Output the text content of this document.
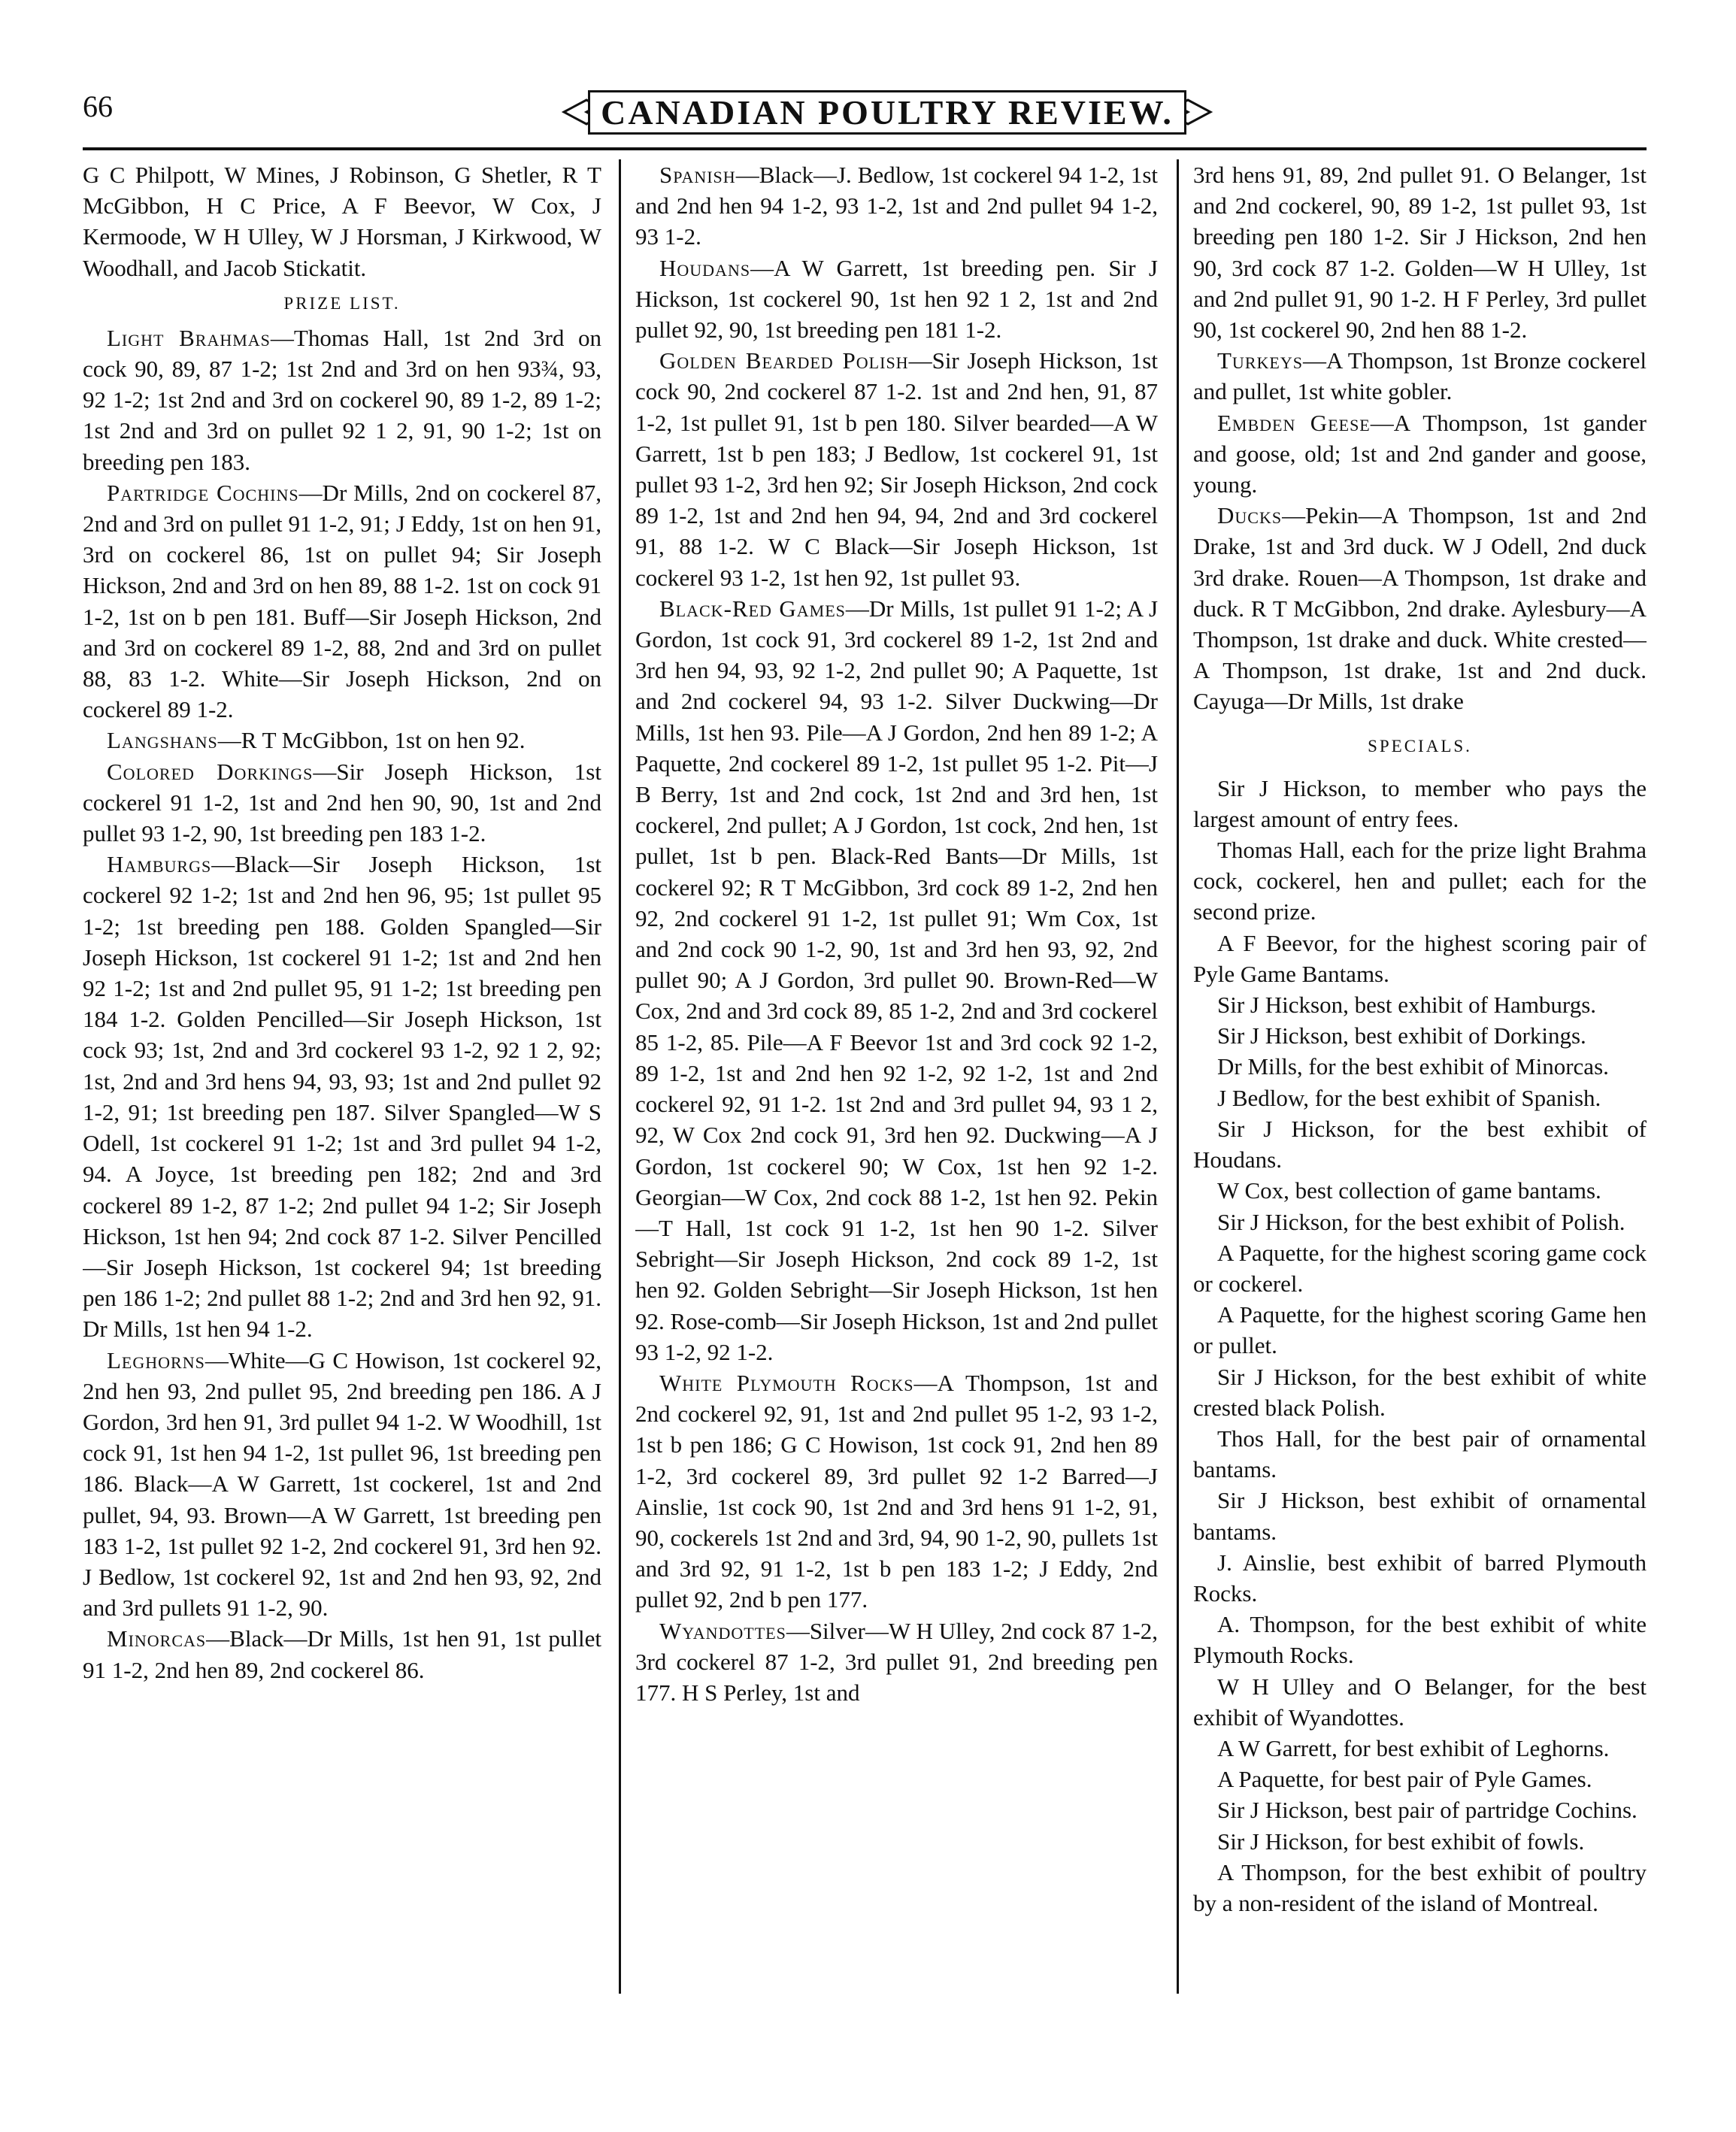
66	CANADIAN POULTRY REVIEW.

G C Philpott, W Mines, J Robinson, G Shetler, R T McGibbon, H C Price, A F Beevor, W Cox, J Kermoode, W H Ulley, W J Horsman, J Kirkwood, W Woodhall, and Jacob Stickatit.

PRIZE LIST.

Light Brahmas—Thomas Hall, 1st 2nd 3rd on cock 90, 89, 87 1-2; 1st 2nd and 3rd on hen 93¾, 93, 92 1-2; 1st 2nd and 3rd on cockerel 90, 89 1-2, 89 1-2; 1st 2nd and 3rd on pullet 92 1 2, 91, 90 1-2; 1st on breeding pen 183.

Partridge Cochins—Dr Mills, 2nd on cockerel 87, 2nd and 3rd on pullet 91 1-2, 91; J Eddy, 1st on hen 91, 3rd on cockerel 86, 1st on pullet 94; Sir Joseph Hickson, 2nd and 3rd on hen 89, 88 1-2. 1st on cock 91 1-2, 1st on b pen 181. Buff—Sir Joseph Hickson, 2nd and 3rd on cockerel 89 1-2, 88, 2nd and 3rd on pullet 88, 83 1-2. White—Sir Joseph Hickson, 2nd on cockerel 89 1-2.

Langshans—R T McGibbon, 1st on hen 92.

Colored Dorkings—Sir Joseph Hickson, 1st cockerel 91 1-2, 1st and 2nd hen 90, 90, 1st and 2nd pullet 93 1-2, 90, 1st breeding pen 183 1-2.

Hamburgs—Black—Sir Joseph Hickson, 1st cockerel 92 1-2; 1st and 2nd hen 96, 95; 1st pullet 95 1-2; 1st breeding pen 188. Golden Spangled—Sir Joseph Hickson, 1st cockerel 91 1-2; 1st and 2nd hen 92 1-2; 1st and 2nd pullet 95, 91 1-2; 1st breeding pen 184 1-2. Golden Pencilled—Sir Joseph Hickson, 1st cock 93; 1st, 2nd and 3rd cockerel 93 1-2, 92 1 2, 92; 1st, 2nd and 3rd hens 94, 93, 93; 1st and 2nd pullet 92 1-2, 91; 1st breeding pen 187. Silver Spangled—W S Odell, 1st cockerel 91 1-2; 1st and 3rd pullet 94 1-2, 94. A Joyce, 1st breeding pen 182; 2nd and 3rd cockerel 89 1-2, 87 1-2; 2nd pullet 94 1-2; Sir Joseph Hickson, 1st hen 94; 2nd cock 87 1-2. Silver Pencilled—Sir Joseph Hickson, 1st cockerel 94; 1st breeding pen 186 1-2; 2nd pullet 88 1-2; 2nd and 3rd hen 92, 91. Dr Mills, 1st hen 94 1-2.

Leghorns—White—G C Howison, 1st cockerel 92, 2nd hen 93, 2nd pullet 95, 2nd breeding pen 186. A J Gordon, 3rd hen 91, 3rd pullet 94 1-2. W Woodhill, 1st cock 91, 1st hen 94 1-2, 1st pullet 96, 1st breeding pen 186. Black—A W Garrett, 1st cockerel, 1st and 2nd pullet, 94, 93. Brown—A W Garrett, 1st breeding pen 183 1-2, 1st pullet 92 1-2, 2nd cockerel 91, 3rd hen 92. J Bedlow, 1st cockerel 92, 1st and 2nd hen 93, 92, 2nd and 3rd pullets 91 1-2, 90.

Minorcas—Black—Dr Mills, 1st hen 91, 1st pullet 91 1-2, 2nd hen 89, 2nd cockerel 86.

Spanish—Black—J. Bedlow, 1st cockerel 94 1-2, 1st and 2nd hen 94 1-2, 93 1-2, 1st and 2nd pullet 94 1-2, 93 1-2.

Houdans—A W Garrett, 1st breeding pen. Sir J Hickson, 1st cockerel 90, 1st hen 92 1 2, 1st and 2nd pullet 92, 90, 1st breeding pen 181 1-2.

Golden Bearded Polish—Sir Joseph Hickson, 1st cock 90, 2nd cockerel 87 1-2. 1st and 2nd hen, 91, 87 1-2, 1st pullet 91, 1st b pen 180. Silver bearded—A W Garrett, 1st b pen 183; J Bedlow, 1st cockerel 91, 1st pullet 93 1-2, 3rd hen 92; Sir Joseph Hickson, 2nd cock 89 1-2, 1st and 2nd hen 94, 94, 2nd and 3rd cockerel 91, 88 1-2. W C Black—Sir Joseph Hickson, 1st cockerel 93 1-2, 1st hen 92, 1st pullet 93.

Black-Red Games—Dr Mills, 1st pullet 91 1-2; A J Gordon, 1st cock 91, 3rd cockerel 89 1-2, 1st 2nd and 3rd hen 94, 93, 92 1-2, 2nd pullet 90; A Paquette, 1st and 2nd cockerel 94, 93 1-2. Silver Duckwing—Dr Mills, 1st hen 93. Pile—A J Gordon, 2nd hen 89 1-2; A Paquette, 2nd cockerel 89 1-2, 1st pullet 95 1-2. Pit—J B Berry, 1st and 2nd cock, 1st 2nd and 3rd hen, 1st cockerel, 2nd pullet; A J Gordon, 1st cock, 2nd hen, 1st pullet, 1st b pen. Black-Red Bants—Dr Mills, 1st cockerel 92; R T McGibbon, 3rd cock 89 1-2, 2nd hen 92, 2nd cockerel 91 1-2, 1st pullet 91; Wm Cox, 1st and 2nd cock 90 1-2, 90, 1st and 3rd hen 93, 92, 2nd pullet 90; A J Gordon, 3rd pullet 90. Brown-Red—W Cox, 2nd and 3rd cock 89, 85 1-2, 2nd and 3rd cockerel 85 1-2, 85. Pile—A F Beevor 1st and 3rd cock 92 1-2, 89 1-2, 1st and 2nd hen 92 1-2, 92 1-2, 1st and 2nd cockerel 92, 91 1-2. 1st 2nd and 3rd pullet 94, 93 1 2, 92, W Cox 2nd cock 91, 3rd hen 92. Duckwing—A J Gordon, 1st cockerel 90; W Cox, 1st hen 92 1-2. Georgian—W Cox, 2nd cock 88 1-2, 1st hen 92. Pekin—T Hall, 1st cock 91 1-2, 1st hen 90 1-2. Silver Sebright—Sir Joseph Hickson, 2nd cock 89 1-2, 1st hen 92. Golden Sebright—Sir Joseph Hickson, 1st hen 92. Rose-comb—Sir Joseph Hickson, 1st and 2nd pullet 93 1-2, 92 1-2.

White Plymouth Rocks—A Thompson, 1st and 2nd cockerel 92, 91, 1st and 2nd pullet 95 1-2, 93 1-2, 1st b pen 186; G C Howison, 1st cock 91, 2nd hen 89 1-2, 3rd cockerel 89, 3rd pullet 92 1-2 Barred—J Ainslie, 1st cock 90, 1st 2nd and 3rd hens 91 1-2, 91, 90, cockerels 1st 2nd and 3rd, 94, 90 1-2, 90, pullets 1st and 3rd 92, 91 1-2, 1st b pen 183 1-2; J Eddy, 2nd pullet 92, 2nd b pen 177.

Wyandottes—Silver—W H Ulley, 2nd cock 87 1-2, 3rd cockerel 87 1-2, 3rd pullet 91, 2nd breeding pen 177. H S Perley, 1st and

3rd hens 91, 89, 2nd pullet 91. O Belanger, 1st and 2nd cockerel, 90, 89 1-2, 1st pullet 93, 1st breeding pen 180 1-2. Sir J Hickson, 2nd hen 90, 3rd cock 87 1-2. Golden—W H Ulley, 1st and 2nd pullet 91, 90 1-2. H F Perley, 3rd pullet 90, 1st cockerel 90, 2nd hen 88 1-2.

Turkeys—A Thompson, 1st Bronze cockerel and pullet, 1st white gobler.

Embden Geese—A Thompson, 1st gander and goose, old; 1st and 2nd gander and goose, young.

Ducks—Pekin—A Thompson, 1st and 2nd Drake, 1st and 3rd duck. W J Odell, 2nd duck 3rd drake. Rouen—A Thompson, 1st drake and duck. R T McGibbon, 2nd drake. Aylesbury—A Thompson, 1st drake and duck. White crested—A Thompson, 1st drake, 1st and 2nd duck. Cayuga—Dr Mills, 1st drake

SPECIALS.

Sir J Hickson, to member who pays the largest amount of entry fees.

Thomas Hall, each for the prize light Brahma cock, cockerel, hen and pullet; each for the second prize.

A F Beevor, for the highest scoring pair of Pyle Game Bantams.

Sir J Hickson, best exhibit of Hamburgs.

Sir J Hickson, best exhibit of Dorkings.

Dr Mills, for the best exhibit of Minorcas.

J Bedlow, for the best exhibit of Spanish.

Sir J Hickson, for the best exhibit of Houdans.

W Cox, best collection of game bantams.

Sir J Hickson, for the best exhibit of Polish.

A Paquette, for the highest scoring game cock or cockerel.

A Paquette, for the highest scoring Game hen or pullet.

Sir J Hickson, for the best exhibit of white crested black Polish.

Thos Hall, for the best pair of ornamental bantams.

Sir J Hickson, best exhibit of ornamental bantams.

J. Ainslie, best exhibit of barred Plymouth Rocks.

A. Thompson, for the best exhibit of white Plymouth Rocks.

W H Ulley and O Belanger, for the best exhibit of Wyandottes.

A W Garrett, for best exhibit of Leghorns.

A Paquette, for best pair of Pyle Games.

Sir J Hickson, best pair of partridge Cochins.

Sir J Hickson, for best exhibit of fowls.

A Thompson, for the best exhibit of poultry by a non-resident of the island of Montreal.
